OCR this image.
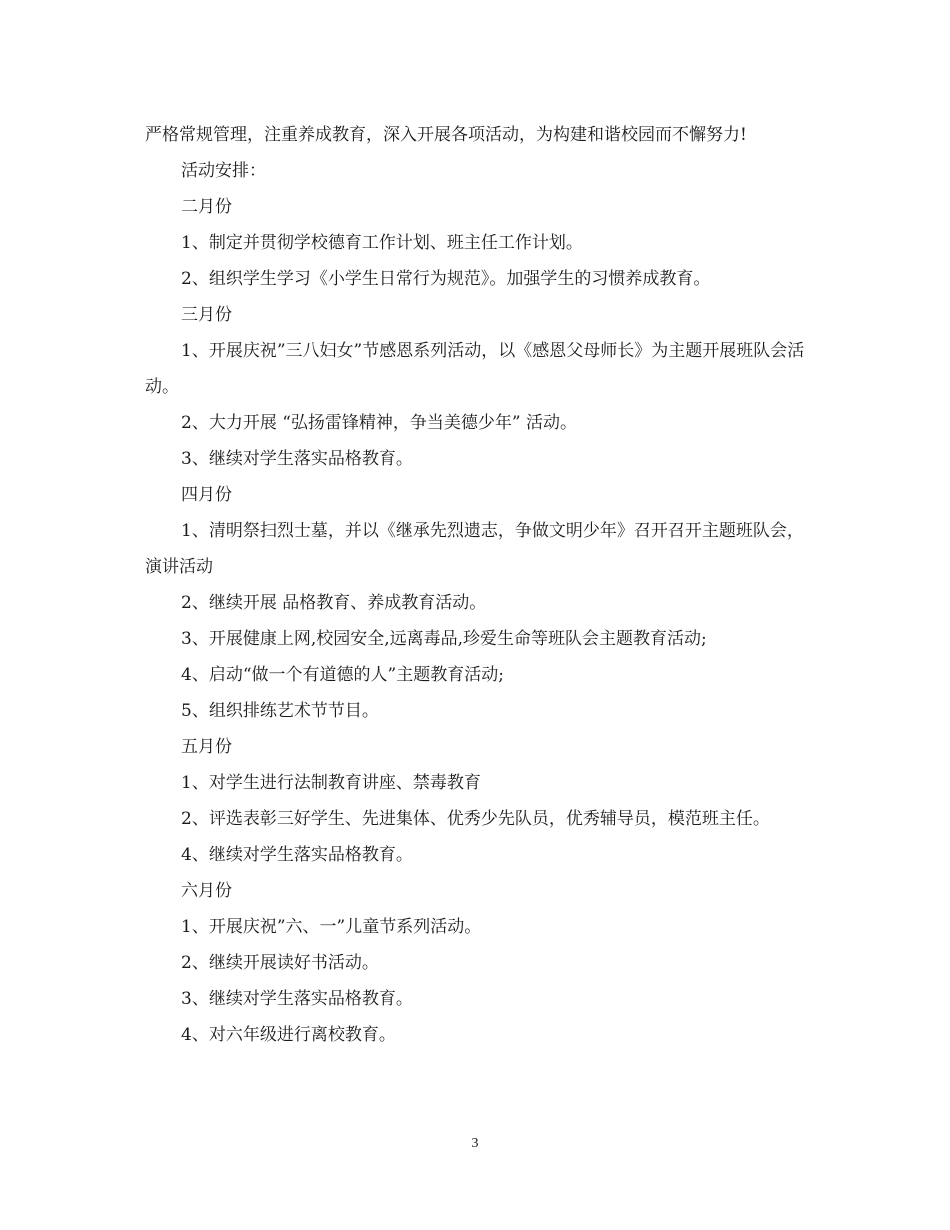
严格常规管理，注重养成教育，深入开展各项活动，为构建和谐校园而不懈努力!

活动安排：

二月份

1、制定并贯彻学校德育工作计划、班主任工作计划。

2、组织学生学习《小学生日常行为规范》。加强学生的习惯养成教育。

三月份

1、开展庆祝”三八妇女”节感恩系列活动，以《感恩父母师长》为主题开展班队会活动。

2、大力开展 “弘扬雷锋精神，争当美德少年” 活动。

3、继续对学生落实品格教育。

四月份

1、清明祭扫烈士墓，并以《继承先烈遗志，争做文明少年》召开召开主题班队会，演讲活动

2、继续开展 品格教育、养成教育活动。

3、开展健康上网,校园安全,远离毒品,珍爱生命等班队会主题教育活动;

4、启动“做一个有道德的人”主题教育活动;

5、组织排练艺术节节目。

五月份

1、对学生进行法制教育讲座、禁毒教育

2、评选表彰三好学生、先进集体、优秀少先队员，优秀辅导员，模范班主任。

4、继续对学生落实品格教育。

六月份

1、开展庆祝”六、一”儿童节系列活动。

2、继续开展读好书活动。

3、继续对学生落实品格教育。

4、对六年级进行离校教育。

3
